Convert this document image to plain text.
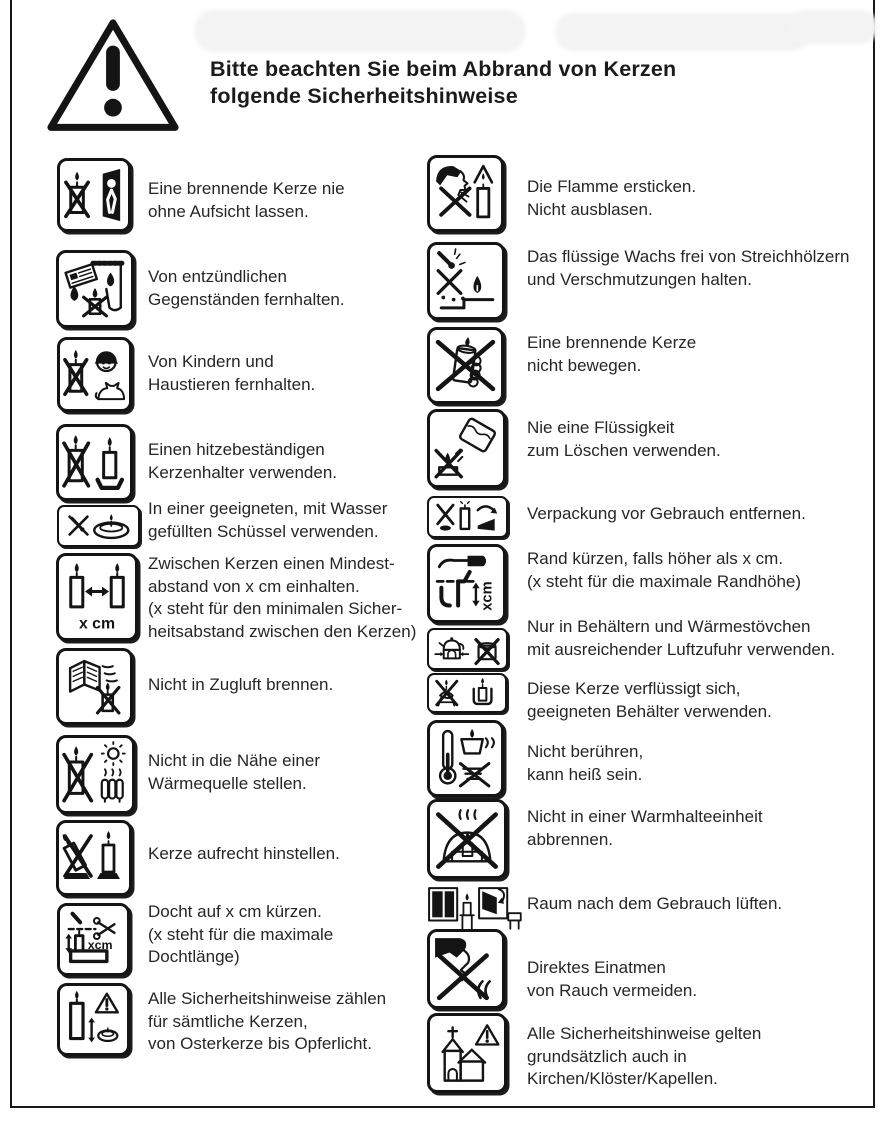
Bitte beachten Sie beim Abbrand von Kerzen
folgende Sicherheitshinweise
Eine brennende Kerze nie
ohne Aufsicht lassen.
Von entzündlichen
Gegenständen fernhalten.
Von Kindern und
Haustieren fernhalten.
Einen hitzebeständigen
Kerzenhalter verwenden.
In einer geeigneten, mit Wasser
gefüllten Schüssel verwenden.
x cm
Zwischen Kerzen einen Mindest-
abstand von x cm einhalten.
(x steht für den minimalen Sicher-
heitsabstand zwischen den Kerzen)
Nicht in Zugluft brennen.
Nicht in die Nähe einer
Wärmequelle stellen.
Kerze aufrecht hinstellen.
xcm
Docht auf x cm kürzen.
(x steht für die maximale
Dochtlänge)
Alle Sicherheitshinweise zählen
für sämtliche Kerzen,
von Osterkerze bis Opferlicht.
Die Flamme ersticken.
Nicht ausblasen.
Das flüssige Wachs frei von Streichhölzern
und Verschmutzungen halten.
Eine brennende Kerze
nicht bewegen.
Nie eine Flüssigkeit
zum Löschen verwenden.
Verpackung vor Gebrauch entfernen.
xcm
Rand kürzen, falls höher als x cm.
(x steht für die maximale Randhöhe)
Nur in Behältern und Wärmestövchen
mit ausreichender Luftzufuhr verwenden.
Diese Kerze verflüssigt sich,
geeigneten Behälter verwenden.
Nicht berühren,
kann heiß sein.
Nicht in einer Warmhalteeinheit
abbrennen.
Raum nach dem Gebrauch lüften.
Direktes Einatmen
von Rauch vermeiden.
Alle Sicherheitshinweise gelten
grundsätzlich auch in
Kirchen/Klöster/Kapellen.
